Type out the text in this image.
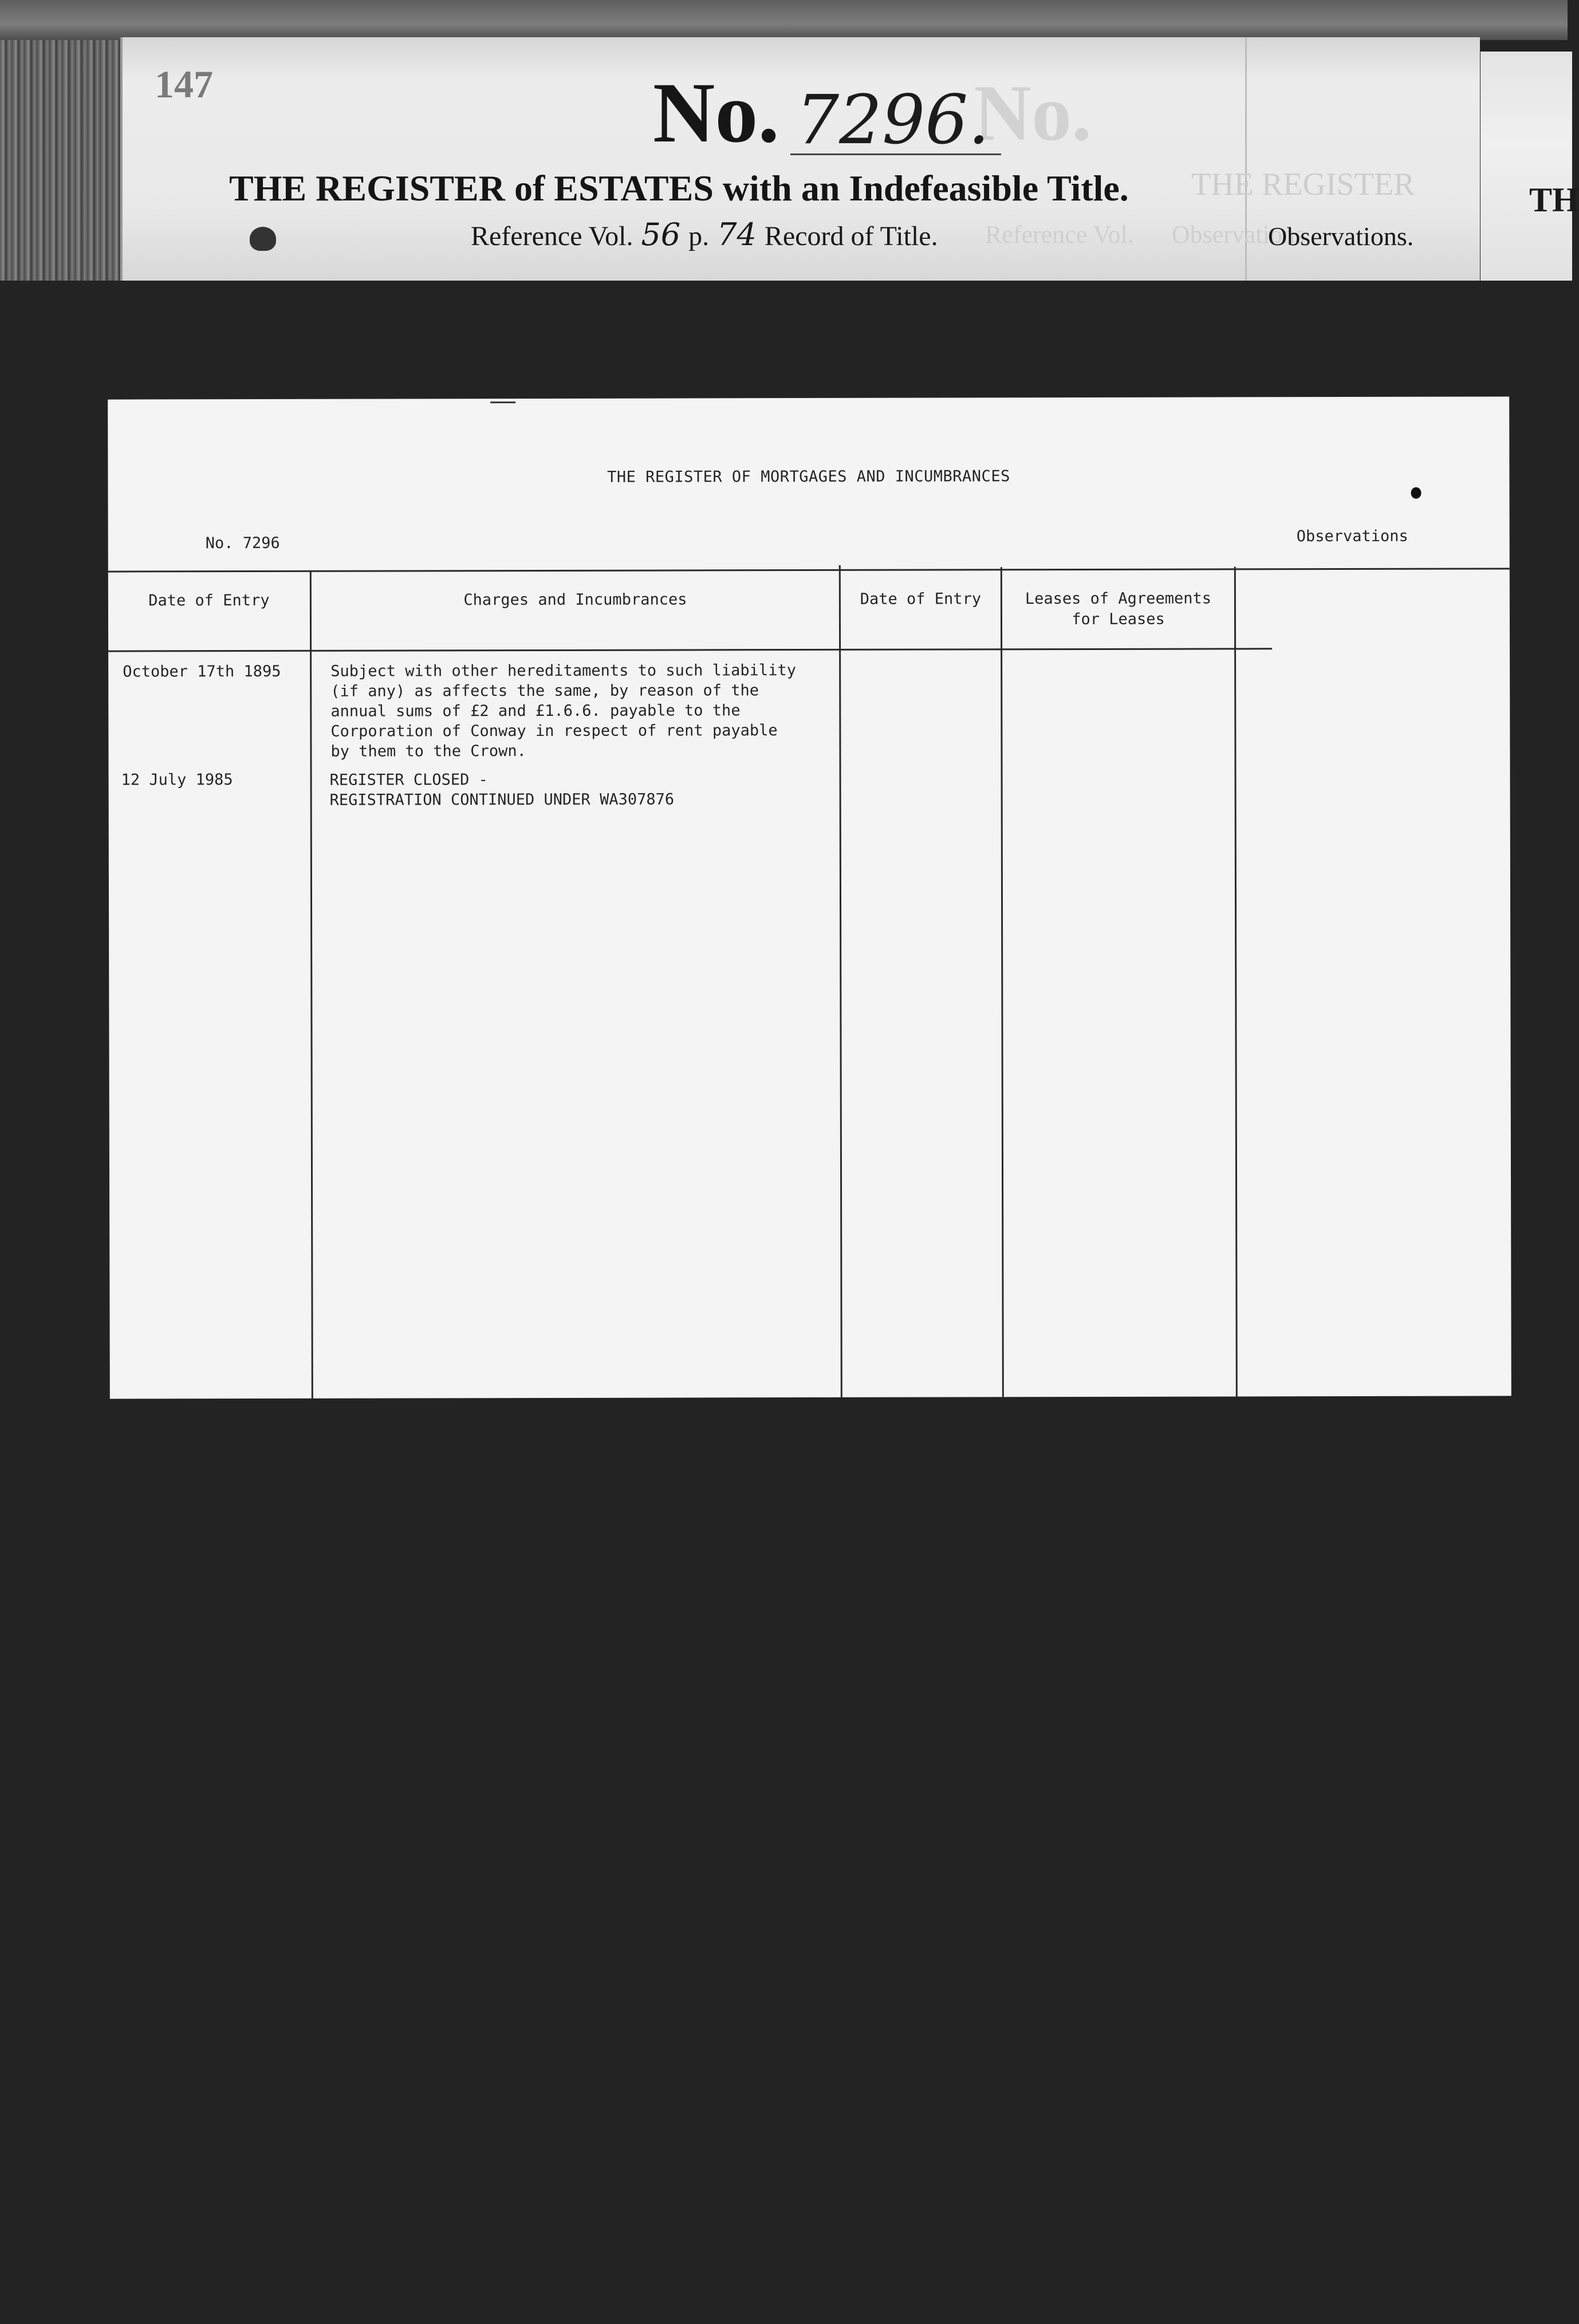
147	No.
No. 7296.
THE REGISTER of ESTATES with an Indefeasible Title. THE REGISTER	TH
Reference Vol. 56 p. 74 Record of Title. Reference Vol.      Observations
Observations.
THE REGISTER OF MORTGAGES AND INCUMBRANCES
No. 7296	Observations
Date of Entry	Charges and Incumbrances	Date of Entry	Leases of Agreements
for Leases
October 17th 1895	Subject with other hereditaments to such liability
(if any) as affects the same, by reason of the
annual sums of £2 and £1.6.6. payable to the
Corporation of Conway in respect of rent payable
by them to the Crown.
12 July 1985	REGISTER CLOSED -
REGISTRATION CONTINUED UNDER WA307876
